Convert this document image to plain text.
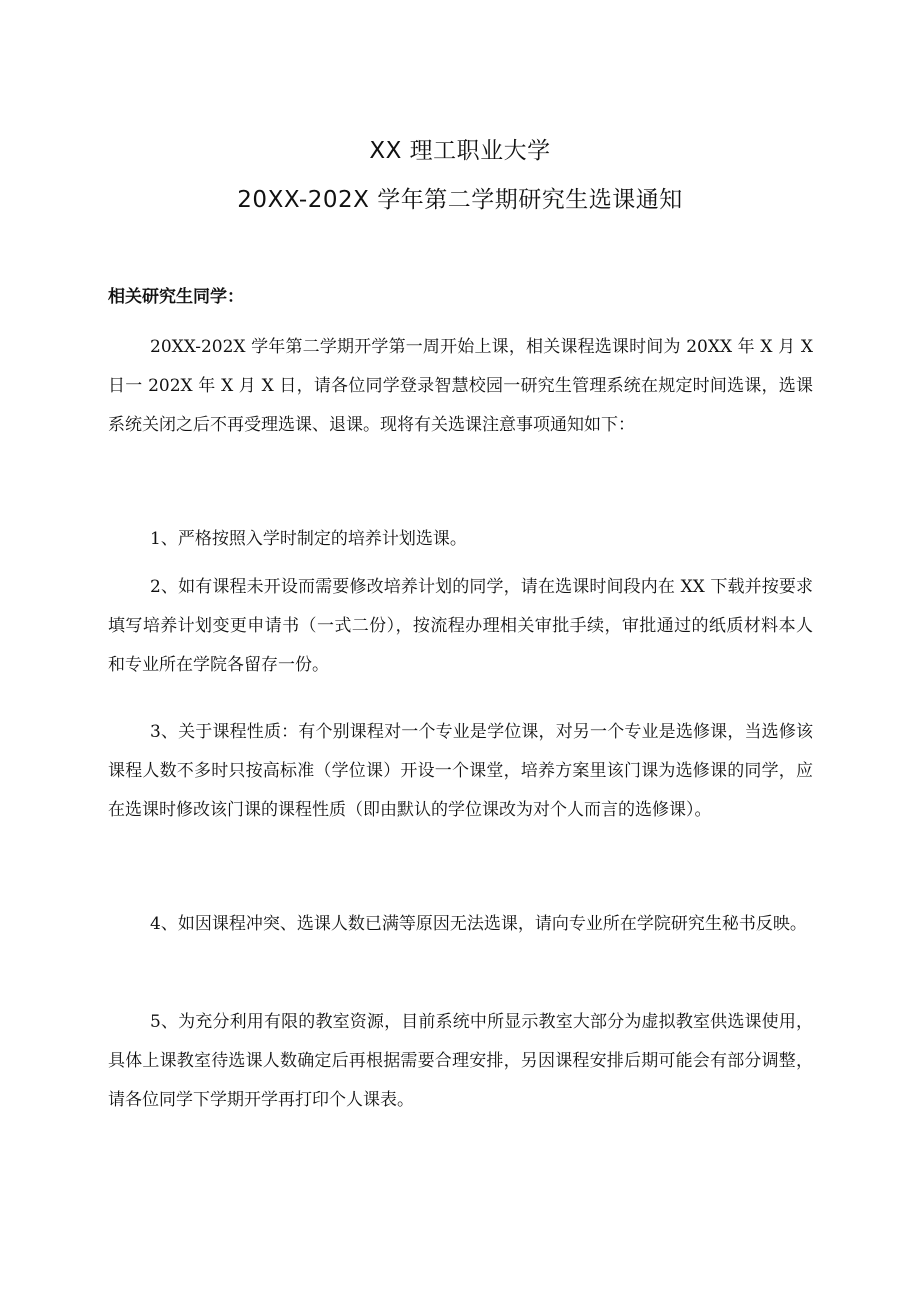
XX 理工职业大学
20XX-202X 学年第二学期研究生选课通知
相关研究生同学：
20XX-202X 学年第二学期开学第一周开始上课，相关课程选课时间为 20XX 年 X 月 X 日一 202X 年 X 月 X 日，请各位同学登录智慧校园一研究生管理系统在规定时间选课，选课系统关闭之后不再受理选课、退课。现将有关选课注意事项通知如下：
1、严格按照入学时制定的培养计划选课。
2、如有课程未开设而需要修改培养计划的同学，请在选课时间段内在 XX 下载并按要求填写培养计划变更申请书（一式二份），按流程办理相关审批手续，审批通过的纸质材料本人和专业所在学院各留存一份。
3、关于课程性质：有个别课程对一个专业是学位课，对另一个专业是选修课，当选修该课程人数不多时只按高标准（学位课）开设一个课堂，培养方案里该门课为选修课的同学，应在选课时修改该门课的课程性质（即由默认的学位课改为对个人而言的选修课）。
4、如因课程冲突、选课人数已满等原因无法选课，请向专业所在学院研究生秘书反映。
5、为充分利用有限的教室资源，目前系统中所显示教室大部分为虚拟教室供选课使用，具体上课教室待选课人数确定后再根据需要合理安排，另因课程安排后期可能会有部分调整，请各位同学下学期开学再打印个人课表。
